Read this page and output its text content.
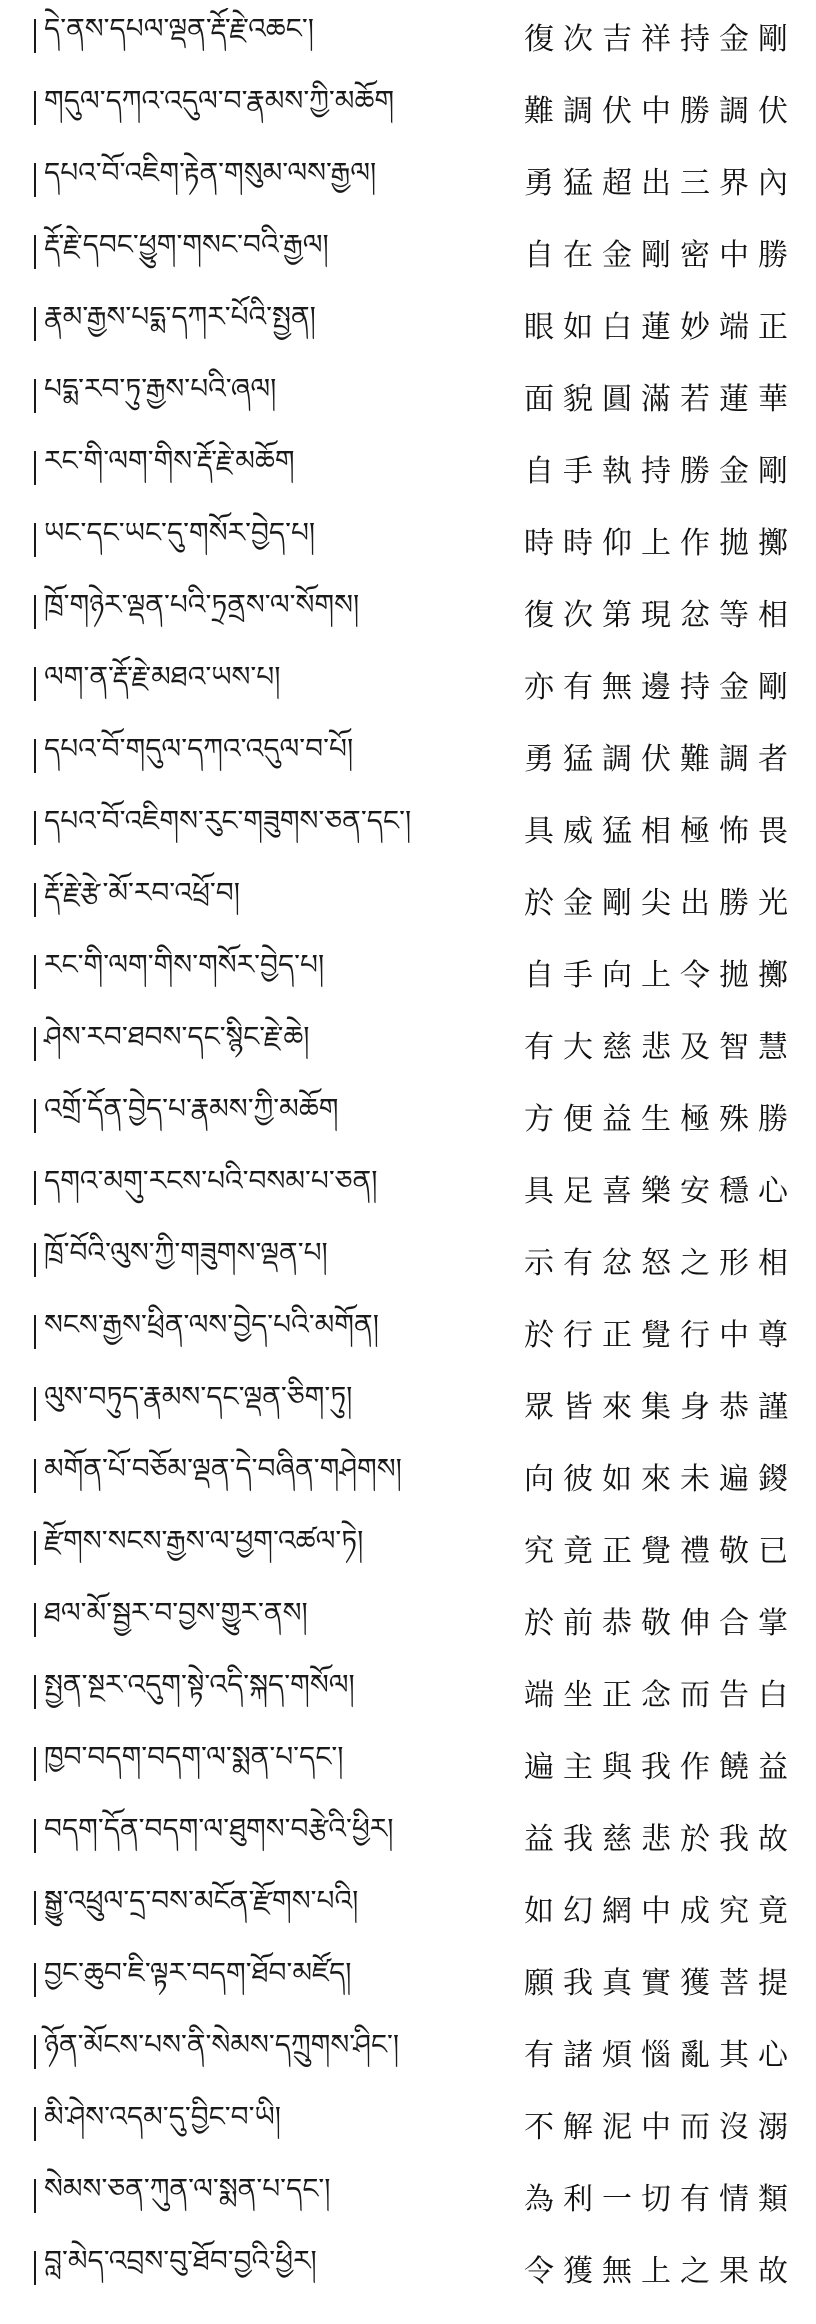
དེ་ནས་དཔལ་ལྡན་རྡོ་རྗེ་འཆང་།	復次吉祥持金剛
གདུལ་དཀའ་འདུལ་བ་རྣམས་ཀྱི་མཆོག	難調伏中勝調伏
དཔའ་བོ་འཇིག་རྟེན་གསུམ་ལས་རྒྱལ།	勇猛超出三界內
རྡོ་རྗེ་དབང་ཕྱུག་གསང་བའི་རྒྱལ།	自在金剛密中勝
རྣམ་རྒྱས་པདྨ་དཀར་པོའི་སྤྱན།	眼如白蓮妙端正
པདྨ་རབ་ཏུ་རྒྱས་པའི་ཞལ།	面貌圓滿若蓮華
རང་གི་ལག་གིས་རྡོ་རྗེ་མཆོག	自手執持勝金剛
ཡང་དང་ཡང་དུ་གསོར་བྱེད་པ།	時時仰上作拋擲
ཁྲོ་གཉེར་ལྡན་པའི་ཏྲནྲས་ལ་སོགས།	復次第現忿等相
ལག་ན་རྡོ་རྗེ་མཐའ་ཡས་པ།	亦有無邊持金剛
དཔའ་བོ་གདུལ་དཀའ་འདུལ་བ་པོ།	勇猛調伏難調者
དཔའ་བོ་འཇིགས་རུང་གཟུགས་ཅན་དང་།	具威猛相極怖畏
རྡོ་རྗེ་རྩེ་མོ་རབ་འཕྲོ་བ།	於金剛尖出勝光
རང་གི་ལག་གིས་གསོར་བྱེད་པ།	自手向上令拋擲
ཤེས་རབ་ཐབས་དང་སྙིང་རྗེ་ཆེ།	有大慈悲及智慧
འགྲོ་དོན་བྱེད་པ་རྣམས་ཀྱི་མཆོག	方便益生極殊勝
དགའ་མགུ་རངས་པའི་བསམ་པ་ཅན།	具足喜樂安穩心
ཁྲོ་བོའི་ལུས་ཀྱི་གཟུགས་ལྡན་པ།	示有忿怒之形相
སངས་རྒྱས་ཕྲིན་ལས་བྱེད་པའི་མགོན།	於行正覺行中尊
ལུས་བཏུད་རྣམས་དང་ལྡན་ཅིག་ཏུ།	眾皆來集身恭謹
མགོན་པོ་བཅོམ་ལྡན་དེ་བཞིན་གཤེགས།	向彼如來未遍鍐
རྫོགས་སངས་རྒྱས་ལ་ཕྱག་འཚལ་ཏེ།	究竟正覺禮敬已
ཐལ་མོ་སྦྱར་བ་བྱས་གྱུར་ནས།	於前恭敬伸合掌
སྤྱན་སྔར་འདུག་སྟེ་འདི་སྐད་གསོལ།	端坐正念而告白
ཁྱབ་བདག་བདག་ལ་སྨན་པ་དང་།	遍主與我作饒益
བདག་དོན་བདག་ལ་ཐུགས་བརྩེའི་ཕྱིར།	益我慈悲於我故
སྒྱུ་འཕྲུལ་དྲ་བས་མངོན་རྫོགས་པའི།	如幻網中成究竟
བྱང་ཆུབ་ཇི་ལྟར་བདག་ཐོབ་མཛོད།	願我真實獲菩提
ཉོན་མོངས་པས་ནི་སེམས་དཀྲུགས་ཤིང་།	有諸煩惱亂其心
མི་ཤེས་འདམ་དུ་བྱིང་བ་ཡི།	不解泥中而沒溺
སེམས་ཅན་ཀུན་ལ་སྨན་པ་དང་།	為利一切有情類
བླ་མེད་འབྲས་བུ་ཐོབ་བྱའི་ཕྱིར།	令獲無上之果故
